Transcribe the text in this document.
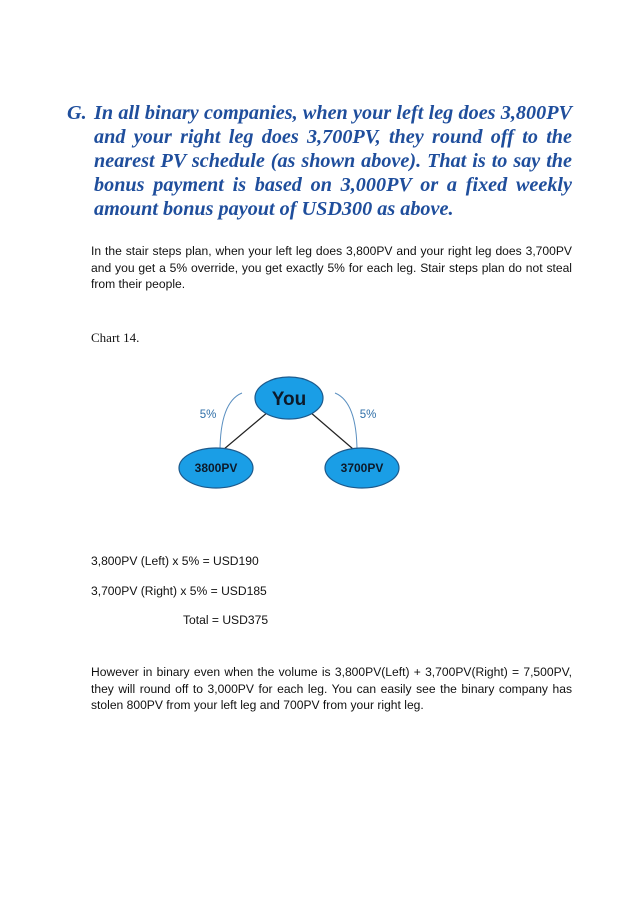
G. In all binary companies, when your left leg does 3,800PV and your right leg does 3,700PV, they round off to the nearest PV schedule (as shown above). That is to say the bonus payment is based on 3,000PV or a fixed weekly amount bonus payout of USD300 as above.
In the stair steps plan, when your left leg does 3,800PV and your right leg does 3,700PV and you get a 5% override, you get exactly 5% for each leg. Stair steps plan do not steal from their people.
Chart 14.
You
3800PV	3700PV
5%	5%
3,800PV (Left) x 5% = USD190
3,700PV (Right) x 5% = USD185
Total = USD375
However in binary even when the volume is 3,800PV(Left) + 3,700PV(Right) = 7,500PV, they will round off to 3,000PV for each leg. You can easily see the binary company has stolen 800PV from your left leg and 700PV from your right leg.
